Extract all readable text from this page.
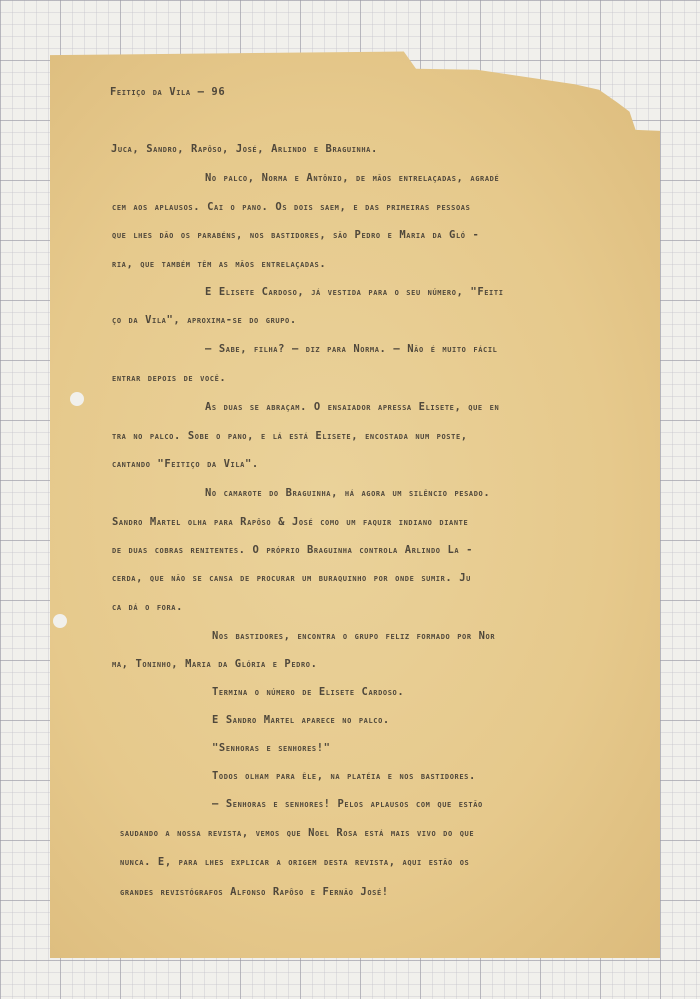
Feitiço da Vila — 96
Juca, Sandro, Rapôso, José, Arlindo e Braguinha.
No palco, Norma e Antônio, de mãos entrelaçadas, agradé
cem aos aplausos. Cai o pano. Os dois saem, e das primeiras pessoas
que lhes dão os parabéns, nos bastidores, são Pedro e Maria da Gló -
ria, que também têm as mãos entrelaçadas.
E Elisete Cardoso, já vestida para o seu número, "Feiti
ço da Vila", aproxima-se do grupo.
— Sabe, filha? — diz para Norma. — Não é muito fácil
entrar depois de você.
As duas se abraçam. O ensaiador apressa Elisete, que en
tra no palco. Sobe o pano, e lá está Elisete, encostada num poste,
cantando "Feitiço da Vila".
No camarote do Braguinha, há agora um silêncio pesado.
Sandro Martel olha para Rapôso & José como um faquir indiano diante
de duas cobras renitentes. O próprio Braguinha controla Arlindo La -
cerda, que não se cansa de procurar um buraquinho por onde sumir. Ju
ca dá o fora.
Nos bastidores, encontra o grupo feliz formado por Nor
ma, Toninho, Maria da Glória e Pedro.
Termina o número de Elisete Cardoso.
E Sandro Martel aparece no palco.
"Senhoras e senhores!"
Todos olham para êle, na platéia e nos bastidores.
— Senhoras e senhores! Pelos aplausos com que estão
saudando a nossa revista, vemos que Noel Rosa está mais vivo do que
nunca. E, para lhes explicar a origem desta revista, aqui estão os
grandes revistógrafos Alfonso Rapôso e Fernão José!
